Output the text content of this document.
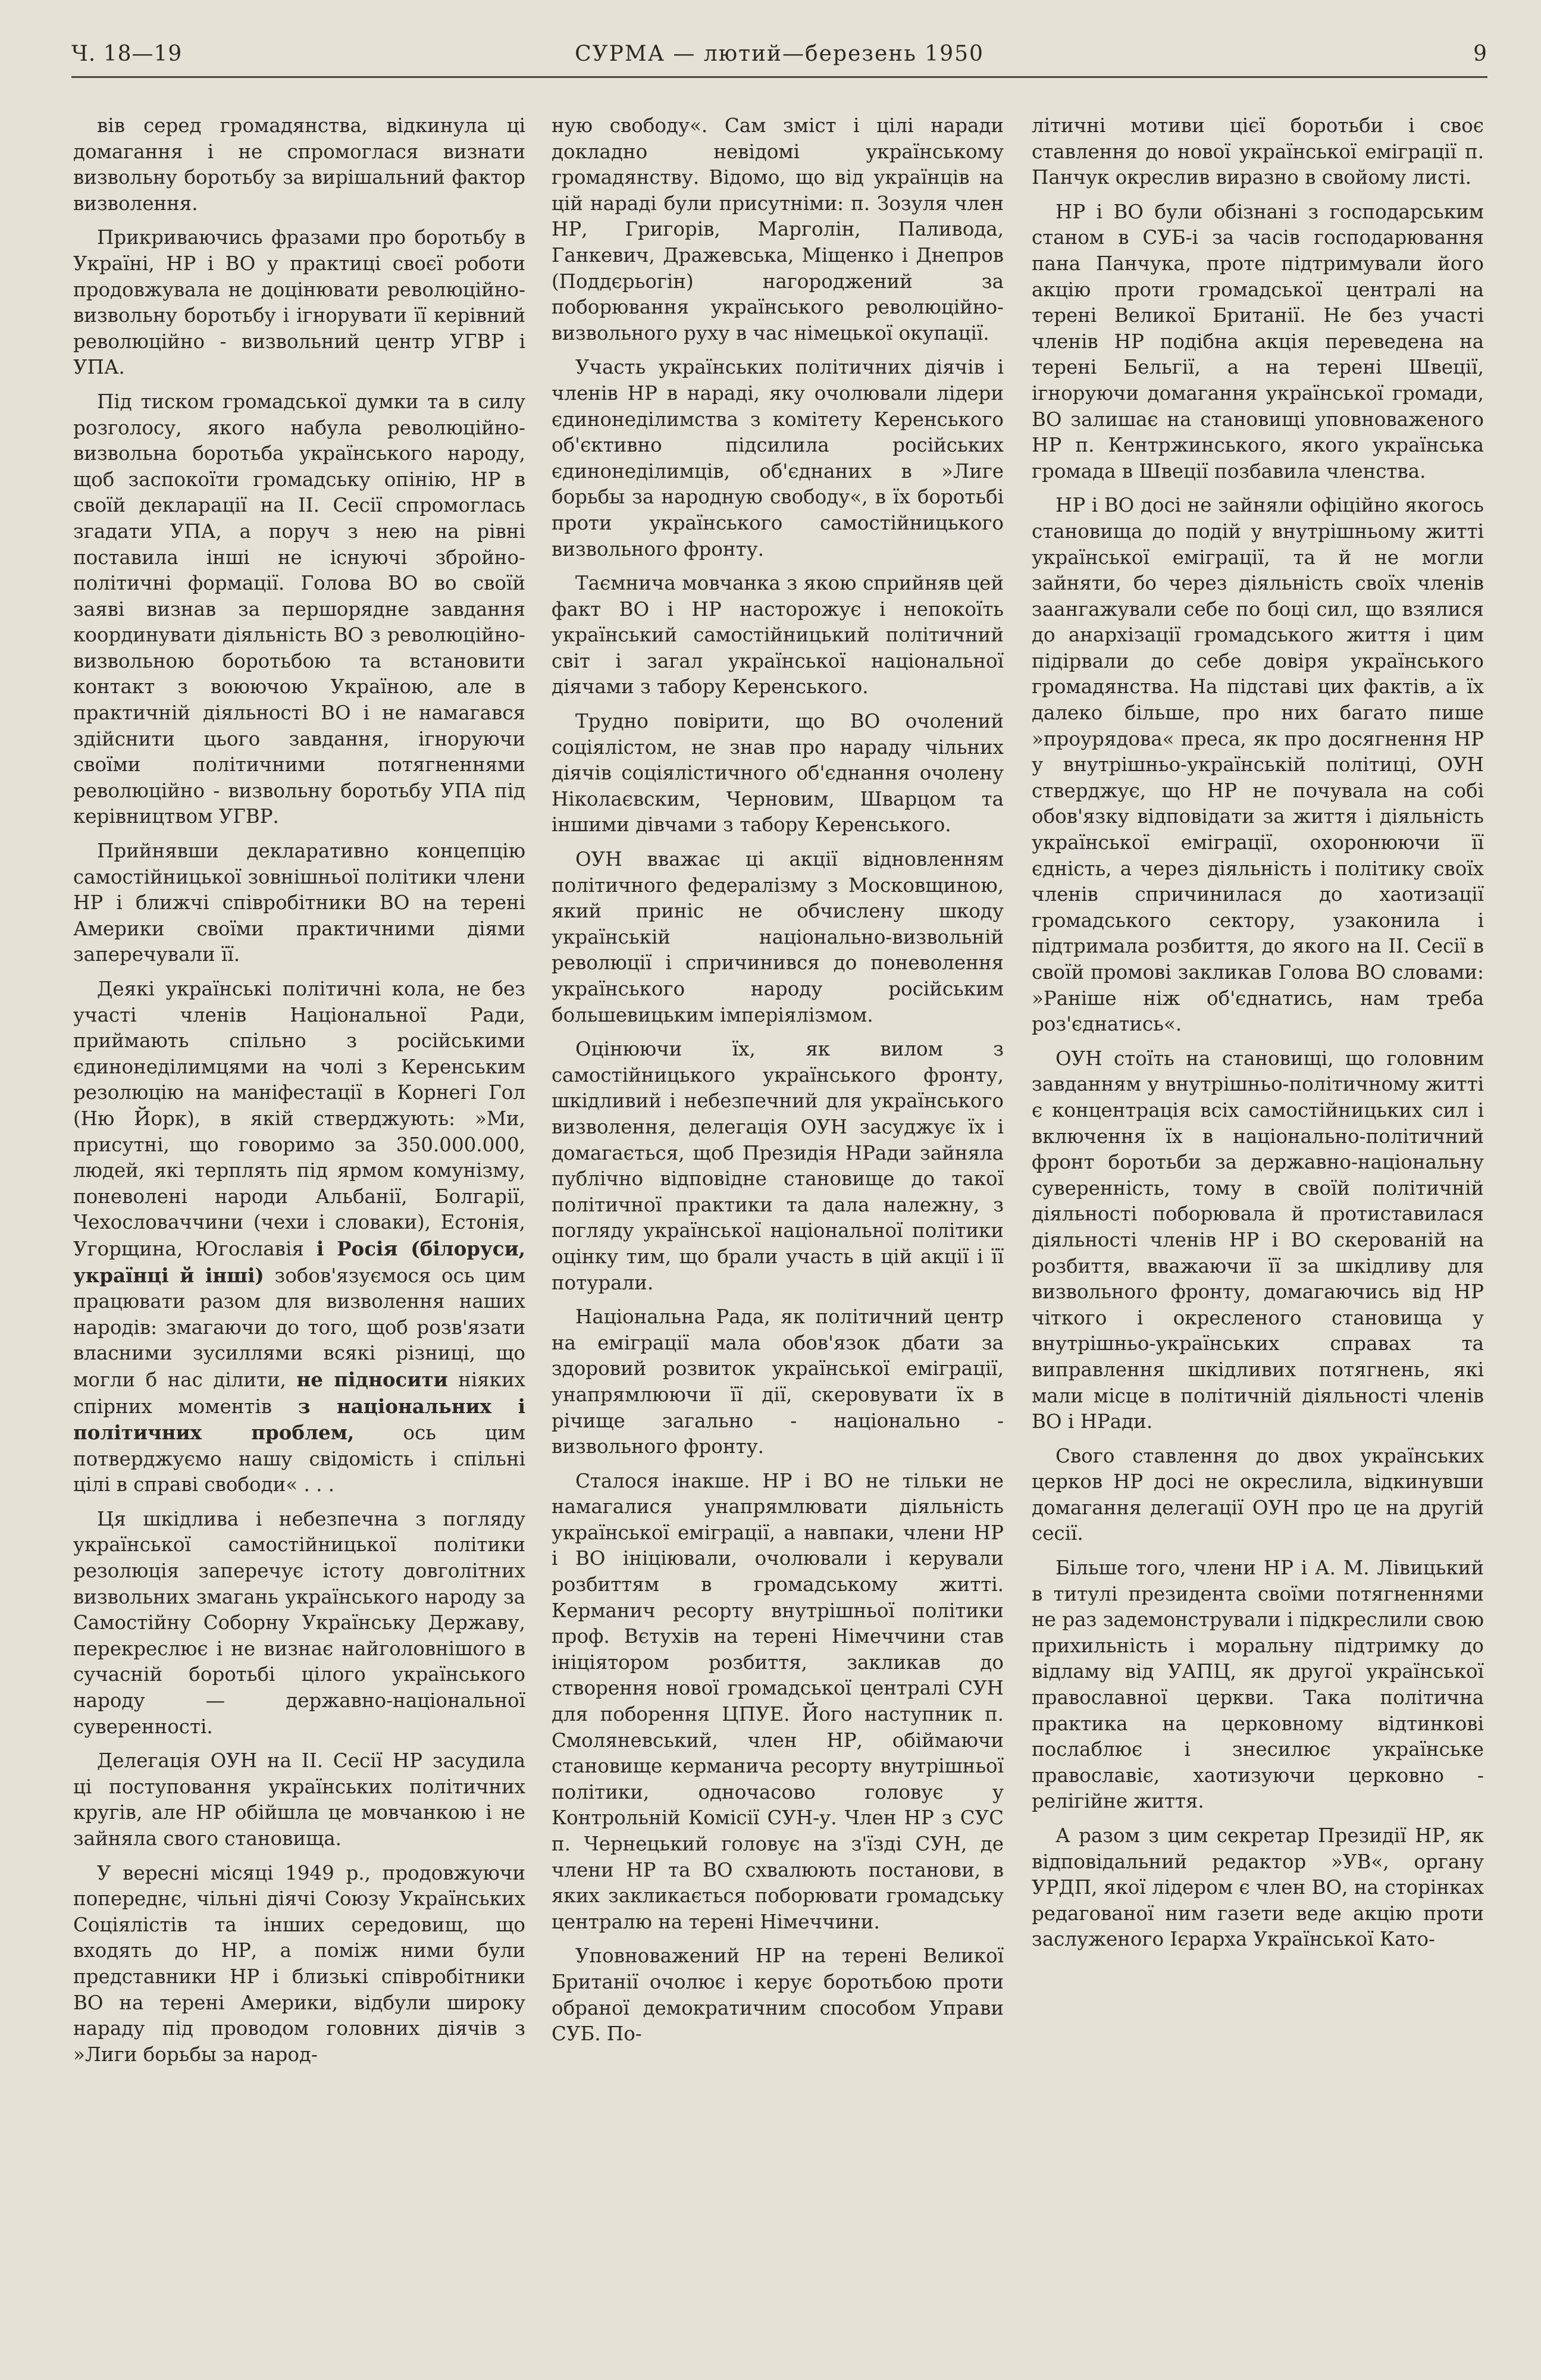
Ч. 18—19	СУРМА — лютий—березень 1950	9

вів серед громадянства, відкинула ці домагання і не спромоглася визнати визвольну боротьбу за вирішальний фактор визволення.

Прикриваючись фразами про боротьбу в Україні, НР і ВО у практиці своєї роботи продовжувала не доцінювати революційно-визвольну боротьбу і ігнорувати її керівний революційно - визвольний центр УГВР і УПА.

Під тиском громадської думки та в силу розголосу, якого набула революційно-визвольна боротьба українського народу, щоб заспокоїти громадську опінію, НР в своїй декларації на II. Сесії спромоглась згадати УПА, а поруч з нею на рівні поставила інші не існуючі збройно-політичні формації. Голова ВО во своїй заяві визнав за першорядне завдання координувати діяльність ВО з революційно-визвольною боротьбою та встановити контакт з воюючою Україною, але в практичній діяльності ВО і не намагався здійснити цього завдання, ігноруючи своїми політичними потягненнями революційно - визвольну боротьбу УПА під керівництвом УГВР.

Прийнявши декларативно концепцію самостійницької зовнішньої політики члени НР і ближчі співробітники ВО на терені Америки своїми практичними діями заперечували її.

Деякі українські політичні кола, не без участі членів Національної Ради, приймають спільно з російськими єдинонеділимцями на чолі з Керенським резолюцію на маніфестації в Корнегі Гол (Ню Йорк), в якій стверджують: »Ми, присутні, що говоримо за 350.000.000, людей, які терплять під ярмом комунізму, поневолені народи Альбанії, Болгарії, Чехословаччини (чехи і словаки), Естонія, Угорщина, Югославія і Росія (білоруси, українці й інші) зобов'язуємося ось цим працювати разом для визволення наших народів: змагаючи до того, щоб розв'язати власними зусиллями всякі різниці, що могли б нас ділити, не підносити ніяких спірних моментів з національних і політичних проблем, ось цим потверджуємо нашу свідомість і спільні цілі в справі свободи« . . .

Ця шкідлива і небезпечна з погляду української самостійницької політики резолюція заперечує істоту довголітних визвольних змагань українського народу за Самостійну Соборну Українську Державу, перекреслює і не визнає найголовнішого в сучасній боротьбі цілого українського народу — державно-національної суверенності.

Делегація ОУН на II. Сесії НР засудила ці поступовання українських політичних кругів, але НР обійшла це мовчанкою і не зайняла свого становища.

У вересні місяці 1949 р., продовжуючи попереднє, чільні діячі Союзу Українських Соціялістів та інших середовищ, що входять до НР, а поміж ними були представники НР і близькі співробітники ВО на терені Америки, відбули широку нараду під проводом головних діячів з »Лиги борьбы за народ-

ную свободу«. Сам зміст і цілі наради докладно невідомі українському громадянству. Відомо, що від українців на цій нараді були присутніми: п. Зозуля член НР, Григорів, Марголін, Паливода, Ганкевич, Дражевська, Міщенко і Днепров (Поддєрьогін) нагороджений за поборювання українського революційно-визвольного руху в час німецької окупації.

Участь українських політичних діячів і членів НР в нараді, яку очолювали лідери єдинонеділимства з комітету Керенського об'єктивно підсилила російських єдинонеділимців, об'єднаних в »Лиге борьбы за народную свободу«, в їх боротьбі проти українського самостійницького визвольного фронту.

Таємнича мовчанка з якою сприйняв цей факт ВО і НР насторожує і непокоїть український самостійницький політичний світ і загал української національної діячами з табору Керенського.

Трудно повірити, що ВО очолений соціялістом, не знав про нараду чільних діячів соціялістичного об'єднання очолену Ніколаєвским, Черновим, Шварцом та іншими дівчами з табору Керенського.

ОУН вважає ці акції відновленням політичного федералізму з Московщиною, який приніс не обчислену шкоду українській національно-визвольній революції і спричинився до поневолення українського народу російським большевицьким імперіялізмом.

Оцінюючи їх, як вилом з самостійницького українського фронту, шкідливий і небезпечний для українського визволення, делегація ОУН засуджує їх і домагається, щоб Президія НРади зайняла публічно відповідне становище до такої політичної практики та дала належну, з погляду української національної політики оцінку тим, що брали участь в цій акції і її потурали.

Національна Рада, як політичний центр на еміграції мала обов'язок дбати за здоровий розвиток української еміграції, унапрямлюючи її дії, скеровувати їх в річище загально - національно - визвольного фронту.

Сталося інакше. НР і ВО не тільки не намагалися унапрямлювати діяльність української еміграції, а навпаки, члени НР і ВО ініціювали, очолювали і керували розбиттям в громадському житті. Керманич ресорту внутрішньої політики проф. Вєтухів на терені Німеччини став ініціятором розбиття, закликав до створення нової громадської централі СУН для поборення ЦПУЕ. Його наступник п. Смоляневський, член НР, обіймаючи становище керманича ресорту внутрішньої політики, одночасово головує у Контрольній Комісії СУН-у. Член НР з СУС п. Чернецький головує на з'їзді СУН, де члени НР та ВО схвалюють постанови, в яких закликається поборювати громадську централю на терені Німеччини.

Уповноважений НР на терені Великої Британії очолює і керує боротьбою проти обраної демократичним способом Управи СУБ. По-

літичні мотиви цієї боротьби і своє ставлення до нової української еміграції п. Панчук окреслив виразно в свойому листі.

НР і ВО були обізнані з господарським станом в СУБ-і за часів господарювання пана Панчука, проте підтримували його акцію проти громадської централі на терені Великої Британії. Не без участі членів НР подібна акція переведена на терені Бельгії, а на терені Швеції, ігноруючи домагання української громади, ВО залишає на становищі уповноваженого НР п. Кентржинського, якого українська громада в Швеції позбавила членства.

НР і ВО досі не зайняли офіційно якогось становища до подій у внутрішньому житті української еміграції, та й не могли зайняти, бо через діяльність своїх членів заангажували себе по боці сил, що взялися до анархізації громадського життя і цим підірвали до себе довіря українського громадянства. На підставі цих фактів, а їх далеко більше, про них багато пише »проурядова« преса, як про досягнення НР у внутрішньо-українській політиці, ОУН стверджує, що НР не почувала на собі обов'язку відповідати за життя і діяльність української еміграції, охоронюючи її єдність, а через діяльність і політику своїх членів спричинилася до хаотизації громадського сектору, узаконила і підтримала розбиття, до якого на II. Сесії в своїй промові закликав Голова ВО словами: »Раніше ніж об'єднатись, нам треба роз'єднатись«.

ОУН стоїть на становищі, що головним завданням у внутрішньо-політичному житті є концентрація всіх самостійницьких сил і включення їх в національно-політичний фронт боротьби за державно-національну суверенність, тому в своїй політичній діяльності поборювала й протиставилася діяльності членів НР і ВО скерованій на розбиття, вважаючи її за шкідливу для визвольного фронту, домагаючись від НР чіткого і окресленого становища у внутрішньо-українських справах та виправлення шкідливих потягнень, які мали місце в політичній діяльності членів ВО і НРади.

Свого ставлення до двох українських церков НР досі не окреслила, відкинувши домагання делегації ОУН про це на другій сесії.

Більше того, члени НР і А. М. Лівицький в титулі президента своїми потягненнями не раз задемонстрували і підкреслили свою прихильність і моральну підтримку до відламу від УАПЦ, як другої української православної церкви. Така політична практика на церковному відтинкові послаблює і знесилює українське православіє, хаотизуючи церковно - релігійне життя.

А разом з цим секретар Президії НР, як відповідальний редактор »УВ«, органу УРДП, якої лідером є член ВО, на сторінках редагованої ним газети веде акцію проти заслуженого Ієрарха Української Като-
